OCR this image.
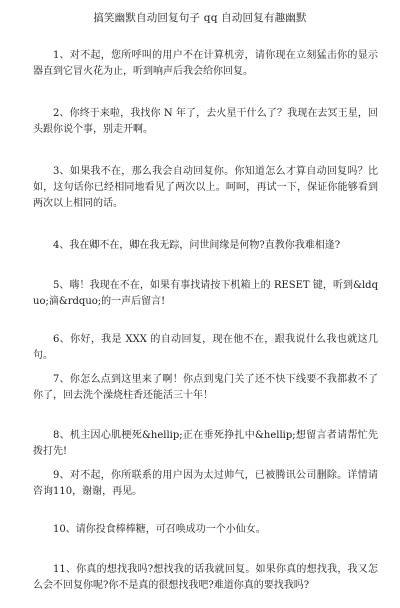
搞笑幽默自动回复句子 qq 自动回复有趣幽默

1、对不起，您所呼叫的用户不在计算机旁，请你现在立刻猛击你的显示器直到它冒火花为止，听到响声后我会给你回复。

2、你终于来啦，我找你 N 年了，去火星干什么了？我现在去冥王星，回头跟你说个事，别走开啊。

3、如果我不在，那么我会自动回复你。你知道怎么才算自动回复吗？比如，这句话你已经相同地看见了两次以上。呵呵，再试一下，保证你能够看到两次以上相同的话。

4、我在卿不在，卿在我无踪，问世间缘是何物?直教你我难相逢?

5、嗨！我现在不在，如果有事找请按下机箱上的 RESET 键，听到&ldquo;滴&rdquo;的一声后留言!

6、你好，我是 XXX 的自动回复，现在他不在，跟我说什么我也就这几句。

7、你怎么点到这里来了啊！你点到鬼门关了还不快下线要不我都救不了你了，回去洗个澡烧柱香还能活三十年！

8、机主因心肌梗死&hellip;正在垂死挣扎中&hellip;想留言者请帮忙先拨打先!

9、对不起，你所联系的用户因为太过帅气，已被腾讯公司删除。详情请咨询110，谢谢，再见。

10、请你投食棒棒糖，可召唤成功一个小仙女。

11、你真的想找我吗?想找我的话我就回复。如果你真的想找我，我又怎么会不回复你呢?你不是真的很想找我吧?难道你真的要找我吗?
